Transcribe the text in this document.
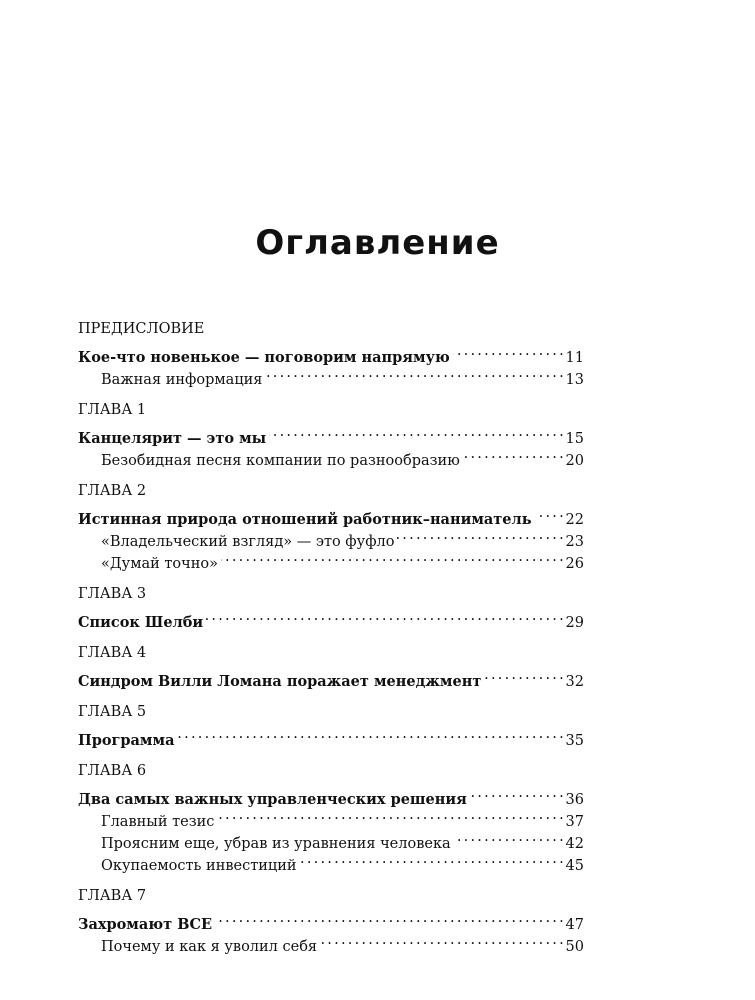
Оглавление
ПРЕДИСЛОВИЕ
Кое-что новенькое — поговорим напрямую . . .	11
Важная информация . . .	13
ГЛАВА 1
Канцелярит — это мы . . .	15
Безобидная песня компании по разнообразию . . .	20
ГЛАВА 2
Истинная природа отношений работник–наниматель . . . 22
«Владельческий взгляд» — это фуфло . . .	23
«Думай точно» . . .	26
ГЛАВА 3
Список Шелби . . .	29
ГЛАВА 4
Синдром Вилли Ломана поражает менеджмент . . .	32
ГЛАВА 5
Программа . . .	35
ГЛАВА 6
Два самых важных управленческих решения . . .	36
Главный тезис . . .	37
Проясним еще, убрав из уравнения человека . . .	42
Окупаемость инвестиций . . .	45
ГЛАВА 7
Захромают ВСЕ . . .	47
Почему и как я уволил себя . . .	50
